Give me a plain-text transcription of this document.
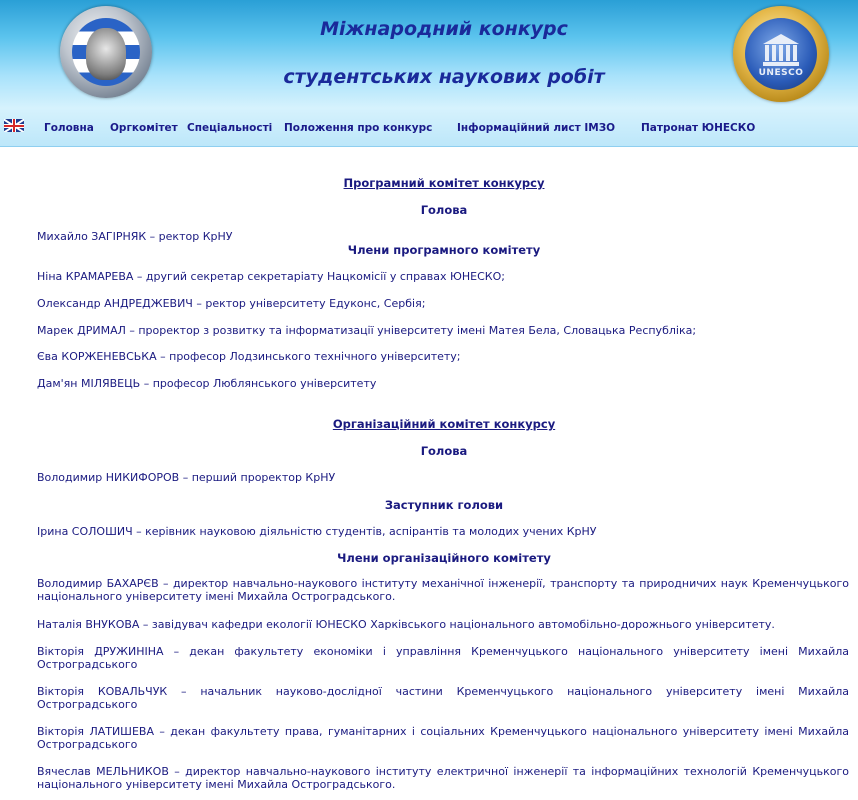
Міжнародний конкурс
студентських наукових робіт	UNESCO
Головна Оргкомітет Спеціальності Положення про конкурс Інформаційний лист ІМЗО Патронат ЮНЕСКО
Програмний комітет конкурсу
Голова
Михайло ЗАГІРНЯК – ректор КрНУ
Члени програмного комітету
Ніна КРАМАРЕВА – другий секретар секретаріату Нацкомісії у справах ЮНЕСКО;
Олександр АНДРЕДЖЕВИЧ – ректор університету Едуконс, Сербія;
Марек ДРИМАЛ – проректор з розвитку та інформатизації університету імені Матея Бела, Словацька Республіка;
Єва КОРЖЕНЕВСЬКА – професор Лодзинського технічного університету;
Дам'ян МІЛЯВЕЦЬ – професор Люблянського університету
Організаційний комітет конкурсу
Голова
Володимир НИКИФОРОВ – перший проректор КрНУ
Заступник голови
Ірина СОЛОШИЧ – керівник науковою діяльністю студентів, аспірантів та молодих учених КрНУ
Члени організаційного комітету
Володимир БАХАРЄВ – директор навчально-наукового інституту механічної інженерії, транспорту та природничих наук Кременчуцького національного університету імені Михайла Остроградського.
Наталія ВНУКОВА – завідувач кафедри екології ЮНЕСКО Харківського національного автомобільно-дорожнього університету.
Вікторія ДРУЖИНІНА – декан факультету економіки і управління Кременчуцького національного університету імені Михайла Остроградського
Вікторія КОВАЛЬЧУК – начальник науково-дослідної частини Кременчуцького національного університету імені Михайла Остроградського
Вікторія ЛАТИШЕВА – декан факультету права, гуманітарних і соціальних Кременчуцького національного університету імені Михайла Остроградського
Вячеслав МЕЛЬНИКОВ – директор навчально-наукового інституту електричної інженерії та інформаційних технологій Кременчуцького національного університету імені Михайла Остроградського.
